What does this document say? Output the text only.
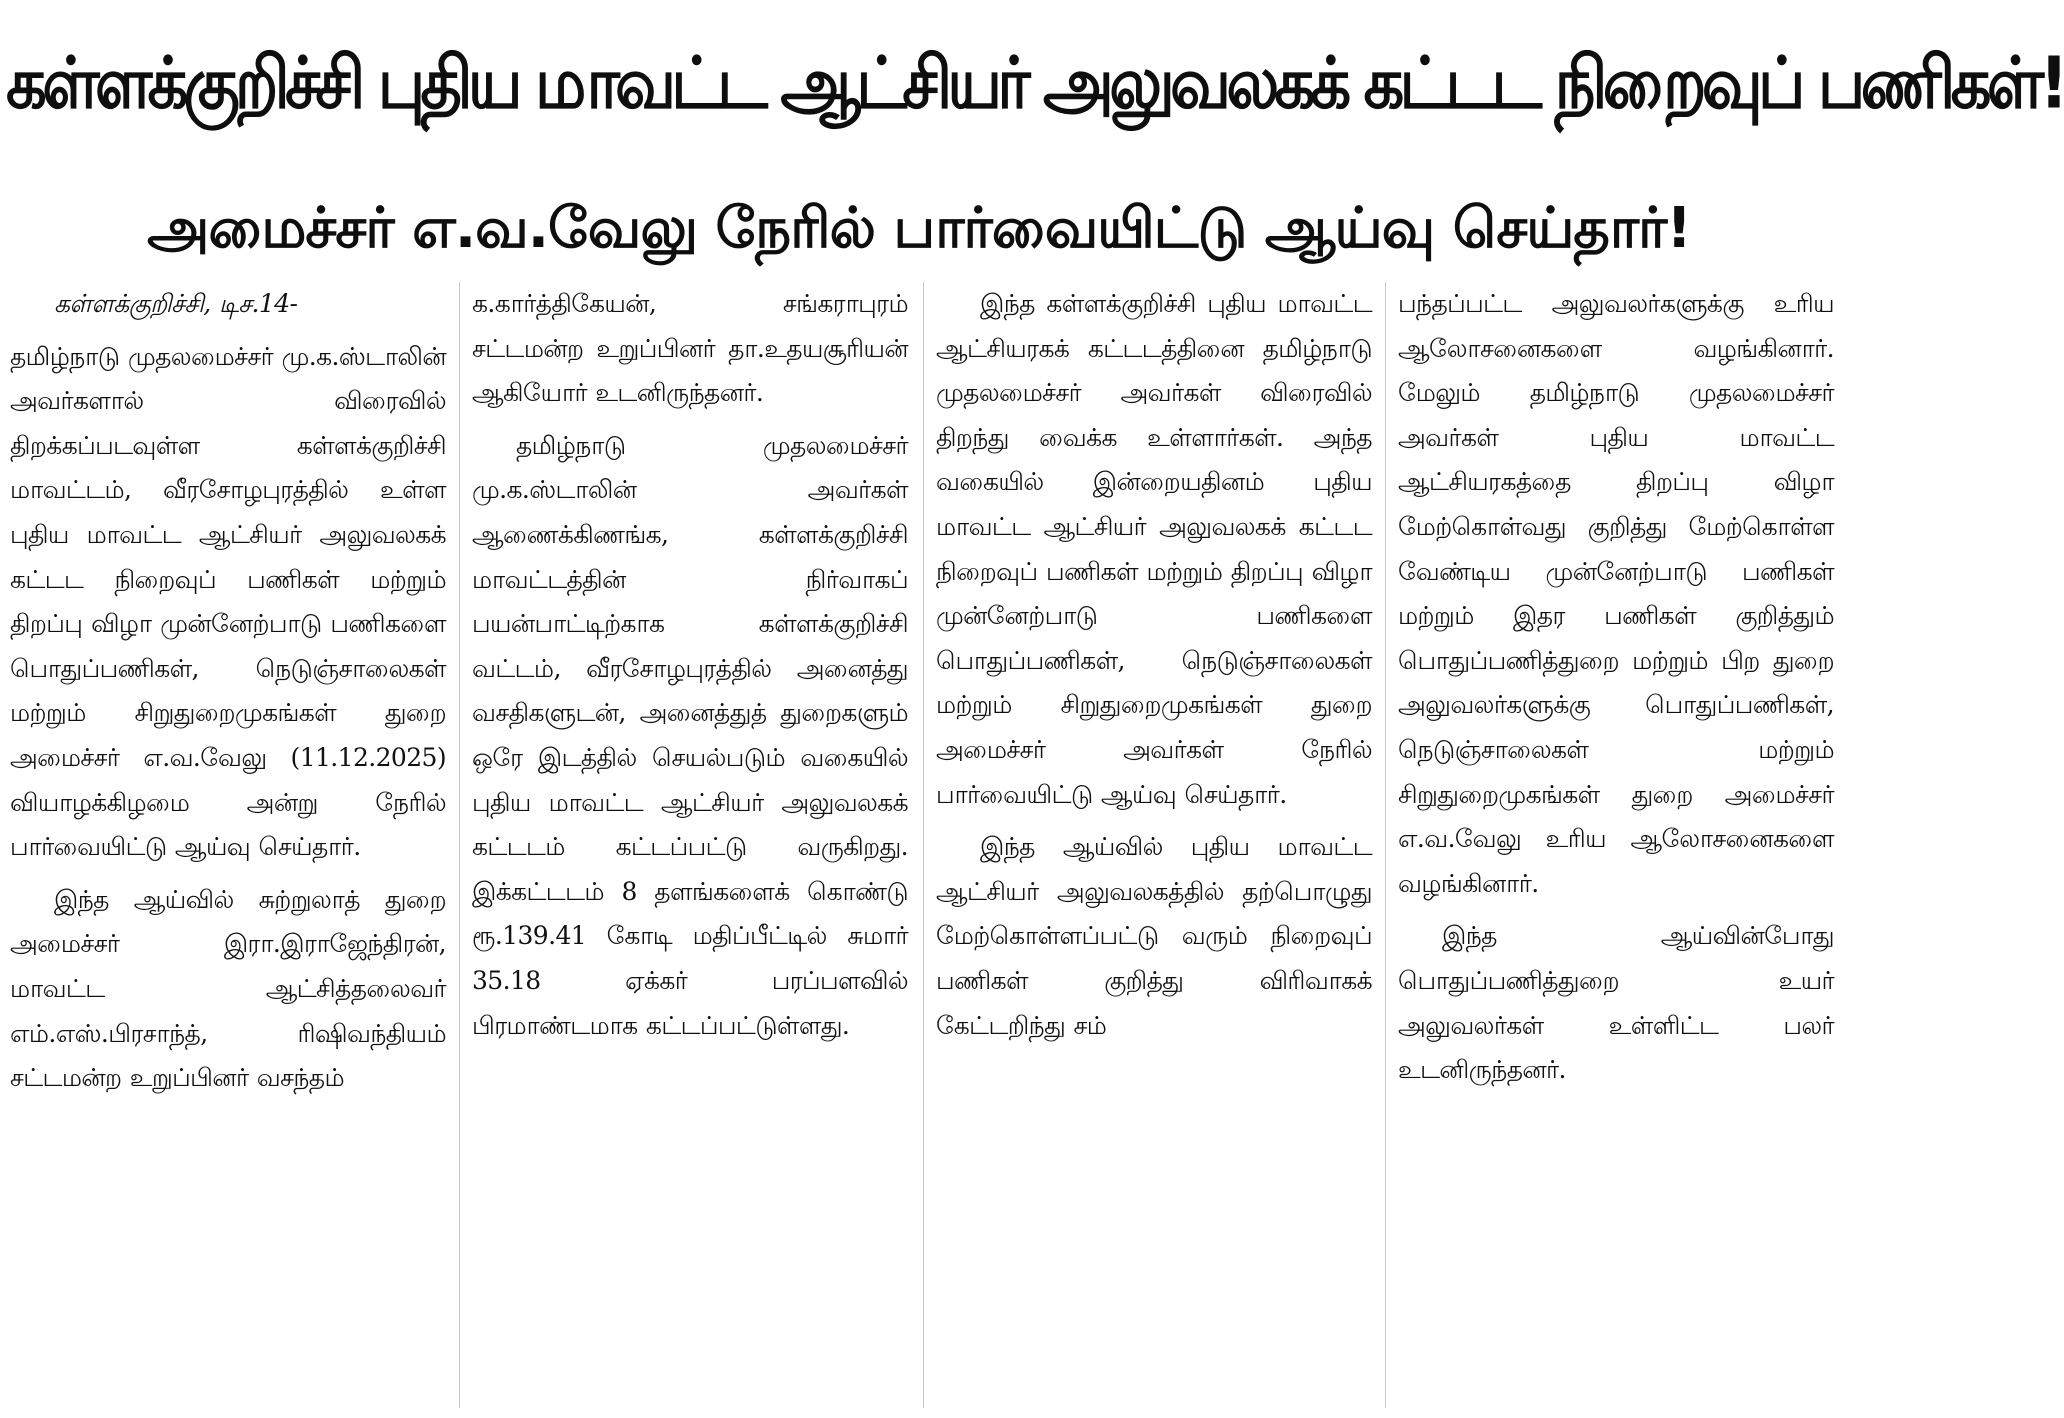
கள்ளக்குறிச்சி புதிய மாவட்ட ஆட்சியர் அலுவலகக் கட்டட நிறைவுப் பணிகள்!
அமைச்சர் எ.வ.வேலு நேரில் பார்வையிட்டு ஆய்வு செய்தார்!

கள்ளக்குறிச்சி, டிச.14-

தமிழ்நாடு முதலமைச்சர் மு.க.ஸ்டாலின் அவர்களால் விரைவில் திறக்கப்படவுள்ள கள்ளக்குறிச்சி மாவட்டம், வீரசோழபுரத்தில் உள்ள புதிய மாவட்ட ஆட்சியர் அலுவலகக் கட்டட நிறைவுப் பணிகள் மற்றும் திறப்பு விழா முன்னேற்பாடு பணிகளை பொதுப்பணிகள், நெடுஞ்சாலைகள் மற்றும் சிறுதுறைமுகங்கள் துறை அமைச்சர் எ.வ.வேலு (11.12.2025) வியாழக்கிழமை அன்று நேரில் பார்வையிட்டு ஆய்வு செய்தார்.

இந்த ஆய்வில் சுற்றுலாத் துறை அமைச்சர் இரா.இராஜேந்திரன், மாவட்ட ஆட்சித்தலைவர் எம்.எஸ்.பிரசாந்த், ரிஷிவந்தியம் சட்டமன்ற உறுப்பினர் வசந்தம்

க.கார்த்திகேயன், சங்கராபுரம் சட்டமன்ற உறுப்பினர் தா.உதயசூரியன் ஆகியோர் உடனிருந்தனர்.

தமிழ்நாடு முதலமைச்சர் மு.க.ஸ்டாலின் அவர்கள் ஆணைக்கிணங்க, கள்ளக்குறிச்சி மாவட்டத்தின் நிர்வாகப் பயன்பாட்டிற்காக கள்ளக்குறிச்சி வட்டம், வீரசோழபுரத்தில் அனைத்து வசதிகளுடன், அனைத்துத் துறைகளும் ஒரே இடத்தில் செயல்படும் வகையில் புதிய மாவட்ட ஆட்சியர் அலுவலகக் கட்டடம் கட்டப்பட்டு வருகிறது. இக்கட்டடம் 8 தளங்களைக் கொண்டு ரூ.139.41 கோடி மதிப்பீட்டில் சுமார் 35.18 ஏக்கர் பரப்பளவில் பிரமாண்டமாக கட்டப்பட்டுள்ளது.

இந்த கள்ளக்குறிச்சி புதிய மாவட்ட ஆட்சியரகக் கட்டடத்தினை தமிழ்நாடு முதலமைச்சர் அவர்கள் விரைவில் திறந்து வைக்க உள்ளார்கள். அந்த வகையில் இன்றையதினம் புதிய மாவட்ட ஆட்சியர் அலுவலகக் கட்டட நிறைவுப் பணிகள் மற்றும் திறப்பு விழா முன்னேற்பாடு பணிகளை பொதுப்பணிகள், நெடுஞ்சாலைகள் மற்றும் சிறுதுறைமுகங்கள் துறை அமைச்சர் அவர்கள் நேரில் பார்வையிட்டு ஆய்வு செய்தார்.

இந்த ஆய்வில் புதிய மாவட்ட ஆட்சியர் அலுவலகத்தில் தற்பொழுது மேற்கொள்ளப்பட்டு வரும் நிறைவுப் பணிகள் குறித்து விரிவாகக் கேட்டறிந்து சம்

பந்தப்பட்ட அலுவலர்களுக்கு உரிய ஆலோசனைகளை வழங்கினார். மேலும் தமிழ்நாடு முதலமைச்சர் அவர்கள் புதிய மாவட்ட ஆட்சியரகத்தை திறப்பு விழா மேற்கொள்வது குறித்து மேற்கொள்ள வேண்டிய முன்னேற்பாடு பணிகள் மற்றும் இதர பணிகள் குறித்தும் பொதுப்பணித்துறை மற்றும் பிற துறை அலுவலர்களுக்கு பொதுப்பணிகள், நெடுஞ்சாலைகள் மற்றும் சிறுதுறைமுகங்கள் துறை அமைச்சர் எ.வ.வேலு உரிய ஆலோசனைகளை வழங்கினார்.

இந்த ஆய்வின்போது பொதுப்பணித்துறை உயர் அலுவலர்கள் உள்ளிட்ட பலர் உடனிருந்தனர்.
